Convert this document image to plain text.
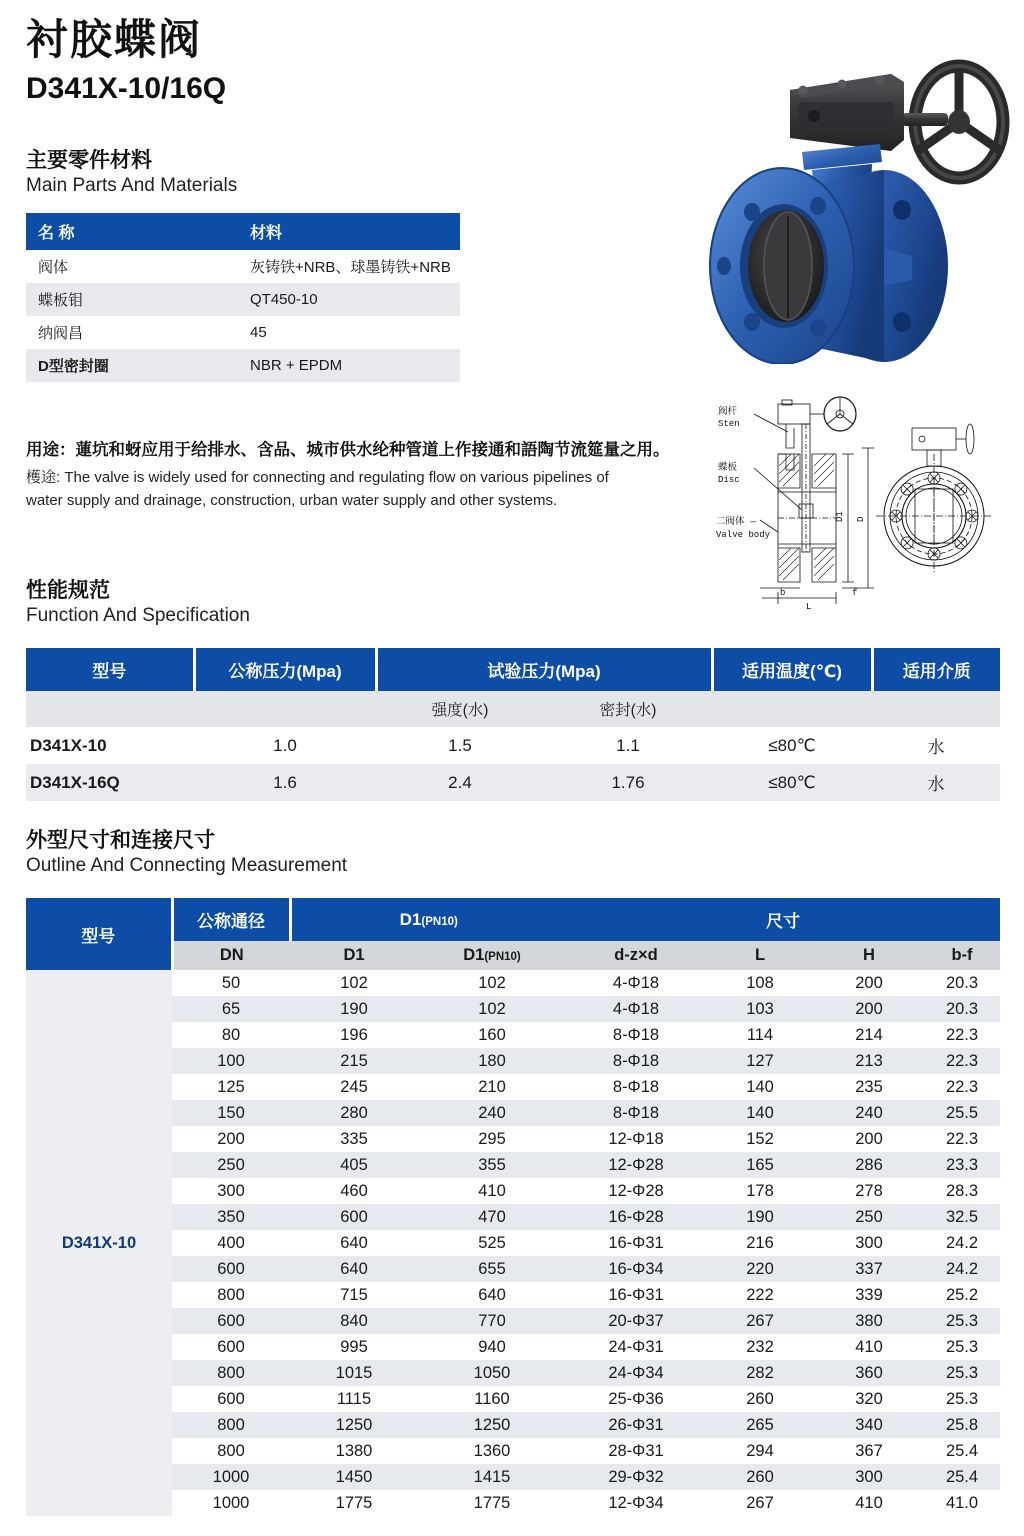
衬胶蝶阀
D341X-10/16Q
主要零件材料
Main Parts And Materials
名 称	材料
阀体	灰铸铁+NRB、球墨铸铁+NRB
蝶板钼	QT450-10
纳阀昌	45
D型密封圈	NBR + EPDM
用途：蓮坑和蚜应用于给排水、含品、城市供水纶种管道上作接通和語陶节流筵量之用。
檴途: The valve is widely used for connecting and regulating flow on various pipelines of
water supply and drainage, construction, urban water supply and other systems.
性能规范
Function And Specification
型号	公称压力(Mpa)	试验压力(Mpa)		适用温度(℃)	适用介质
		强度(水)	密封(水)		
D341X-10	1.0	1.5	1.1	≤80℃	水
D341X-16Q	1.6	2.4	1.76	≤80℃	水
外型尺寸和连接尺寸
Outline And Connecting Measurement
型号	公称通径	D1(PN10)		尺寸			
	DN	D1	D1(PN10)	d-z×d	L	H	b-f
D341X-10	50	102	102	4-Φ18	108	200	20.3
	65	190	102	4-Φ18	103	200	20.3
	80	196	160	8-Φ18	114	214	22.3
	100	215	180	8-Φ18	127	213	22.3
	125	245	210	8-Φ18	140	235	22.3
	150	280	240	8-Φ18	140	240	25.5
	200	335	295	12-Φ18	152	200	22.3
	250	405	355	12-Φ28	165	286	23.3
	300	460	410	12-Φ28	178	278	28.3
	350	600	470	16-Φ28	190	250	32.5
	400	640	525	16-Φ31	216	300	24.2
	600	640	655	16-Φ34	220	337	24.2
	800	715	640	16-Φ31	222	339	25.2
	600	840	770	20-Φ37	267	380	25.3
	600	995	940	24-Φ31	232	410	25.3
	800	1015	1050	24-Φ34	282	360	25.3
	600	1115	1160	25-Φ36	260	320	25.3
	800	1250	1250	26-Φ31	265	340	25.8
	800	1380	1360	28-Φ31	294	367	25.4
	1000	1450	1415	29-Φ32	260	300	25.4
	1000	1775	1775	12-Φ34	267	410	41.0
阀杆
Sten
蝶板
Disc
二阀体 —
Valve body
D1 D
b	f
L
